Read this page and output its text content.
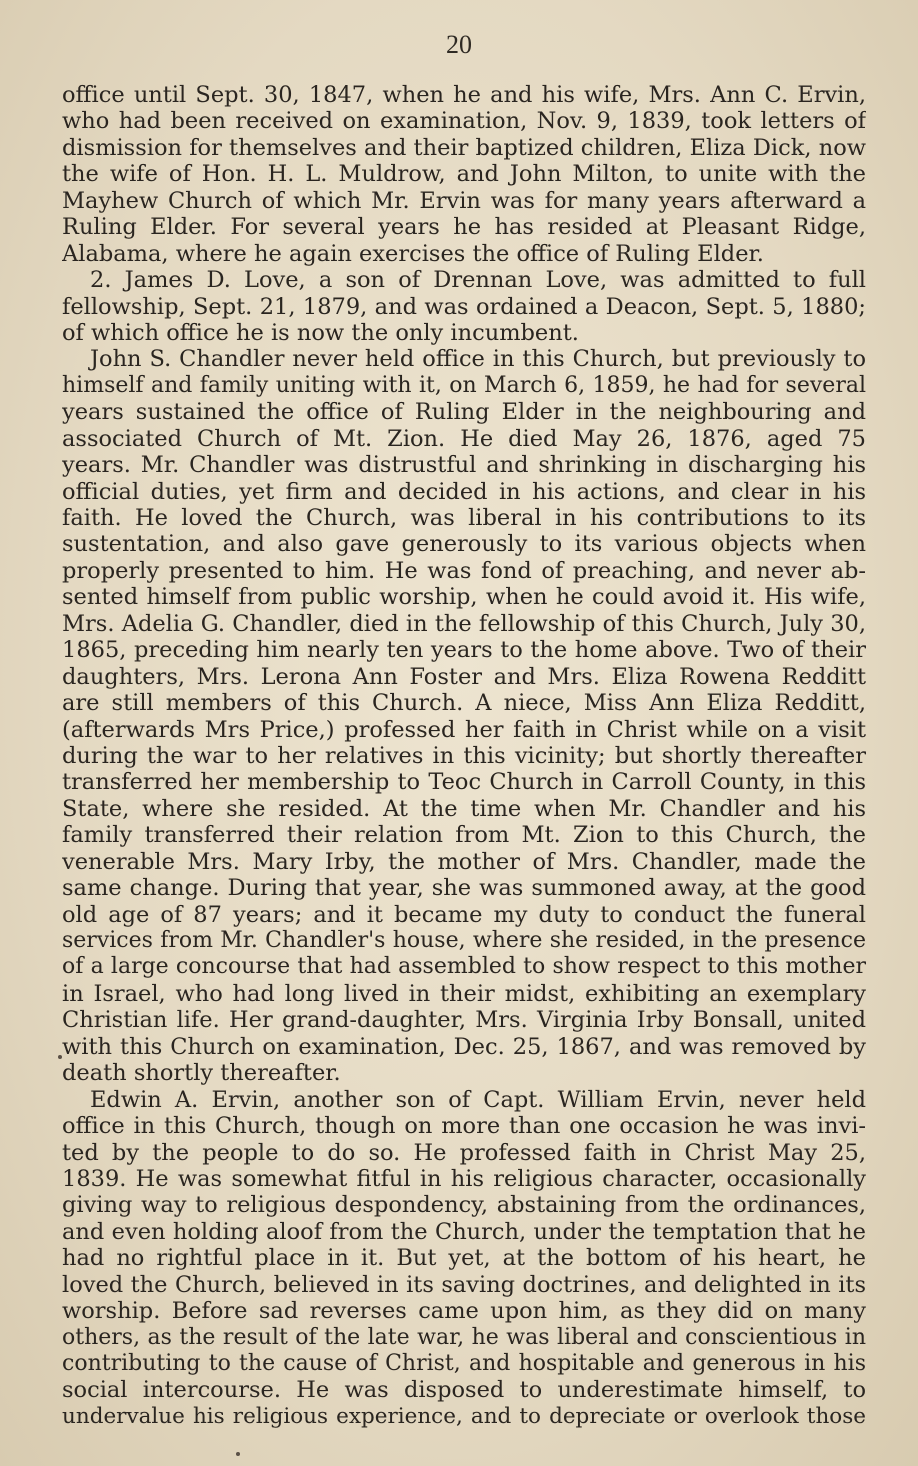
20
office until Sept. 30, 1847, when he and his wife, Mrs. Ann C. Ervin,
who had been received on examination, Nov. 9, 1839, took letters of
dismission for themselves and their baptized children, Eliza Dick, now
the wife of Hon. H. L. Muldrow, and John Milton, to unite with the
Mayhew Church of which Mr. Ervin was for many years afterward a
Ruling Elder. For several years he has resided at Pleasant Ridge,
Alabama, where he again exercises the office of Ruling Elder.
2. James D. Love, a son of Drennan Love, was admitted to full
fellowship, Sept. 21, 1879, and was ordained a Deacon, Sept. 5, 1880;
of which office he is now the only incumbent.
John S. Chandler never held office in this Church, but previously to
himself and family uniting with it, on March 6, 1859, he had for several
years sustained the office of Ruling Elder in the neighbouring and
associated Church of Mt. Zion. He died May 26, 1876, aged 75
years. Mr. Chandler was distrustful and shrinking in discharging his
official duties, yet firm and decided in his actions, and clear in his
faith. He loved the Church, was liberal in his contributions to its
sustentation, and also gave generously to its various objects when
properly presented to him. He was fond of preaching, and never ab-
sented himself from public worship, when he could avoid it. His wife,
Mrs. Adelia G. Chandler, died in the fellowship of this Church, July 30,
1865, preceding him nearly ten years to the home above. Two of their
daughters, Mrs. Lerona Ann Foster and Mrs. Eliza Rowena Redditt
are still members of this Church. A niece, Miss Ann Eliza Redditt,
(afterwards Mrs Price,) professed her faith in Christ while on a visit
during the war to her relatives in this vicinity; but shortly thereafter
transferred her membership to Teoc Church in Carroll County, in this
State, where she resided. At the time when Mr. Chandler and his
family transferred their relation from Mt. Zion to this Church, the
venerable Mrs. Mary Irby, the mother of Mrs. Chandler, made the
same change. During that year, she was summoned away, at the good
old age of 87 years; and it became my duty to conduct the funeral
services from Mr. Chandler's house, where she resided, in the presence
of a large concourse that had assembled to show respect to this mother
in Israel, who had long lived in their midst, exhibiting an exemplary
Christian life. Her grand-daughter, Mrs. Virginia Irby Bonsall, united
with this Church on examination, Dec. 25, 1867, and was removed by
death shortly thereafter.
Edwin A. Ervin, another son of Capt. William Ervin, never held
office in this Church, though on more than one occasion he was invi-
ted by the people to do so. He professed faith in Christ May 25,
1839. He was somewhat fitful in his religious character, occasionally
giving way to religious despondency, abstaining from the ordinances,
and even holding aloof from the Church, under the temptation that he
had no rightful place in it. But yet, at the bottom of his heart, he
loved the Church, believed in its saving doctrines, and delighted in its
worship. Before sad reverses came upon him, as they did on many
others, as the result of the late war, he was liberal and conscientious in
contributing to the cause of Christ, and hospitable and generous in his
social intercourse. He was disposed to underestimate himself, to
undervalue his religious experience, and to depreciate or overlook those
